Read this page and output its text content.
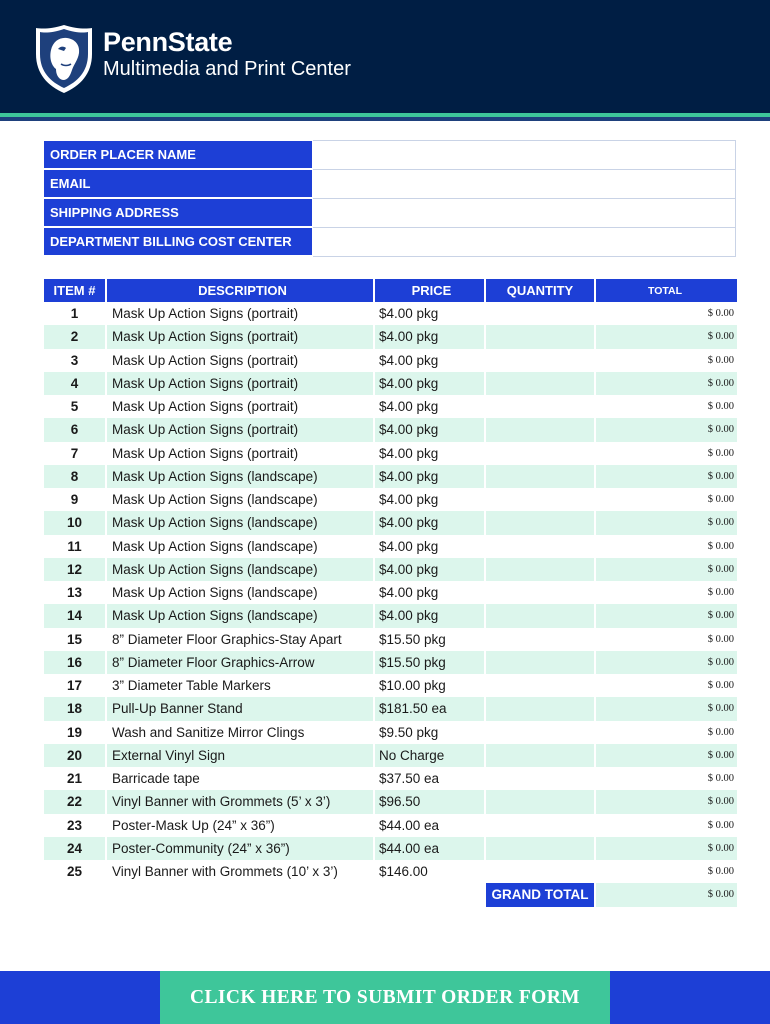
PennState
Multimedia and Print Center
ORDER PLACER NAME	
EMAIL	
SHIPPING ADDRESS	
DEPARTMENT BILLING COST CENTER	
ITEM #	DESCRIPTION	PRICE	QUANTITY	TOTAL
1	Mask Up Action Signs (portrait)	$4.00 pkg		$ 0.00
2	Mask Up Action Signs (portrait)	$4.00 pkg		$ 0.00
3	Mask Up Action Signs (portrait)	$4.00 pkg		$ 0.00
4	Mask Up Action Signs (portrait)	$4.00 pkg		$ 0.00
5	Mask Up Action Signs (portrait)	$4.00 pkg		$ 0.00
6	Mask Up Action Signs (portrait)	$4.00 pkg		$ 0.00
7	Mask Up Action Signs (portrait)	$4.00 pkg		$ 0.00
8	Mask Up Action Signs (landscape)	$4.00 pkg		$ 0.00
9	Mask Up Action Signs (landscape)	$4.00 pkg		$ 0.00
10	Mask Up Action Signs (landscape)	$4.00 pkg		$ 0.00
11	Mask Up Action Signs (landscape)	$4.00 pkg		$ 0.00
12	Mask Up Action Signs (landscape)	$4.00 pkg		$ 0.00
13	Mask Up Action Signs (landscape)	$4.00 pkg		$ 0.00
14	Mask Up Action Signs (landscape)	$4.00 pkg		$ 0.00
15	8” Diameter Floor Graphics-Stay Apart	$15.50 pkg		$ 0.00
16	8” Diameter Floor Graphics-Arrow	$15.50 pkg		$ 0.00
17	3” Diameter Table Markers	$10.00 pkg		$ 0.00
18	Pull-Up Banner Stand	$181.50 ea		$ 0.00
19	Wash and Sanitize Mirror Clings	$9.50 pkg		$ 0.00
20	External Vinyl Sign	No Charge		$ 0.00
21	Barricade tape	$37.50 ea		$ 0.00
22	Vinyl Banner with Grommets (5’ x 3’)	$96.50		$ 0.00
23	Poster-Mask Up (24” x 36”)	$44.00 ea		$ 0.00
24	Poster-Community (24” x 36”)	$44.00 ea		$ 0.00
25	Vinyl Banner with Grommets (10’ x 3’)	$146.00		$ 0.00
			GRAND TOTAL	$ 0.00
CLICK HERE TO SUBMIT ORDER FORM
